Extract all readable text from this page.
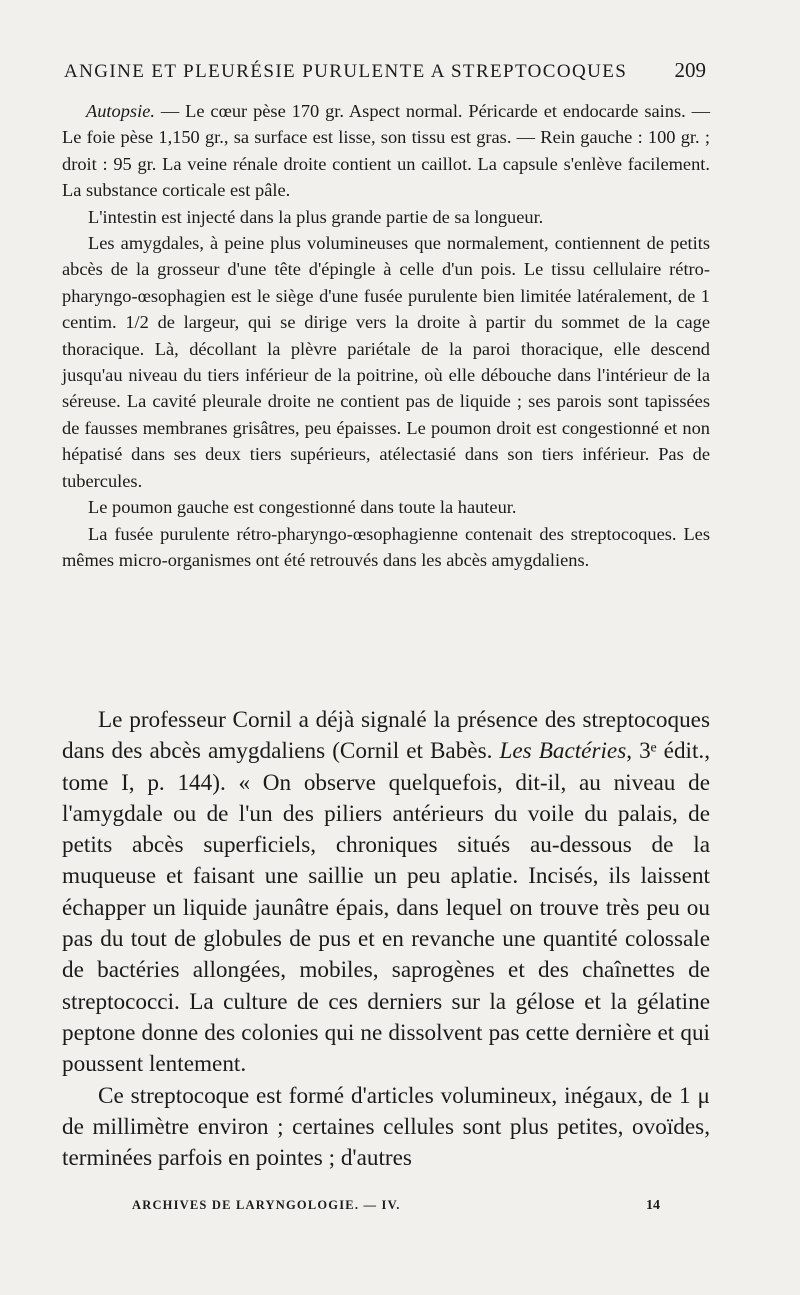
ANGINE ET PLEURÉSIE PURULENTE A STREPTOCOQUES 209

Autopsie. — Le cœur pèse 170 gr. Aspect normal. Péricarde et endocarde sains. — Le foie pèse 1,150 gr., sa surface est lisse, son tissu est gras. — Rein gauche : 100 gr. ; droit : 95 gr. La veine rénale droite contient un caillot. La capsule s'enlève facilement. La substance corticale est pâle.

L'intestin est injecté dans la plus grande partie de sa longueur.

Les amygdales, à peine plus volumineuses que normalement, contiennent de petits abcès de la grosseur d'une tête d'épingle à celle d'un pois. Le tissu cellulaire rétro-pharyngo-œsophagien est le siège d'une fusée purulente bien limitée latéralement, de 1 centim. 1/2 de largeur, qui se dirige vers la droite à partir du sommet de la cage thoracique. Là, décollant la plèvre pariétale de la paroi thoracique, elle descend jusqu'au niveau du tiers inférieur de la poitrine, où elle débouche dans l'intérieur de la séreuse. La cavité pleurale droite ne contient pas de liquide ; ses parois sont tapissées de fausses membranes grisâtres, peu épaisses. Le poumon droit est congestionné et non hépatisé dans ses deux tiers supérieurs, atélectasié dans son tiers inférieur. Pas de tubercules.

Le poumon gauche est congestionné dans toute la hauteur.

La fusée purulente rétro-pharyngo-œsophagienne contenait des streptocoques. Les mêmes micro-organismes ont été retrouvés dans les abcès amygdaliens.

Le professeur Cornil a déjà signalé la présence des streptocoques dans des abcès amygdaliens (Cornil et Babès. Les Bactéries, 3ᵉ édit., tome I, p. 144). « On observe quelquefois, dit-il, au niveau de l'amygdale ou de l'un des piliers antérieurs du voile du palais, de petits abcès superficiels, chroniques situés au-dessous de la muqueuse et faisant une saillie un peu aplatie. Incisés, ils laissent échapper un liquide jaunâtre épais, dans lequel on trouve très peu ou pas du tout de globules de pus et en revanche une quantité colossale de bactéries allongées, mobiles, saprogènes et des chaînettes de streptococci. La culture de ces derniers sur la gélose et la gélatine peptone donne des colonies qui ne dissolvent pas cette dernière et qui poussent lentement.

Ce streptocoque est formé d'articles volumineux, inégaux, de 1 μ de millimètre environ ; certaines cellules sont plus petites, ovoïdes, terminées parfois en pointes ; d'autres

ARCHIVES DE LARYNGOLOGIE. — IV.	14
